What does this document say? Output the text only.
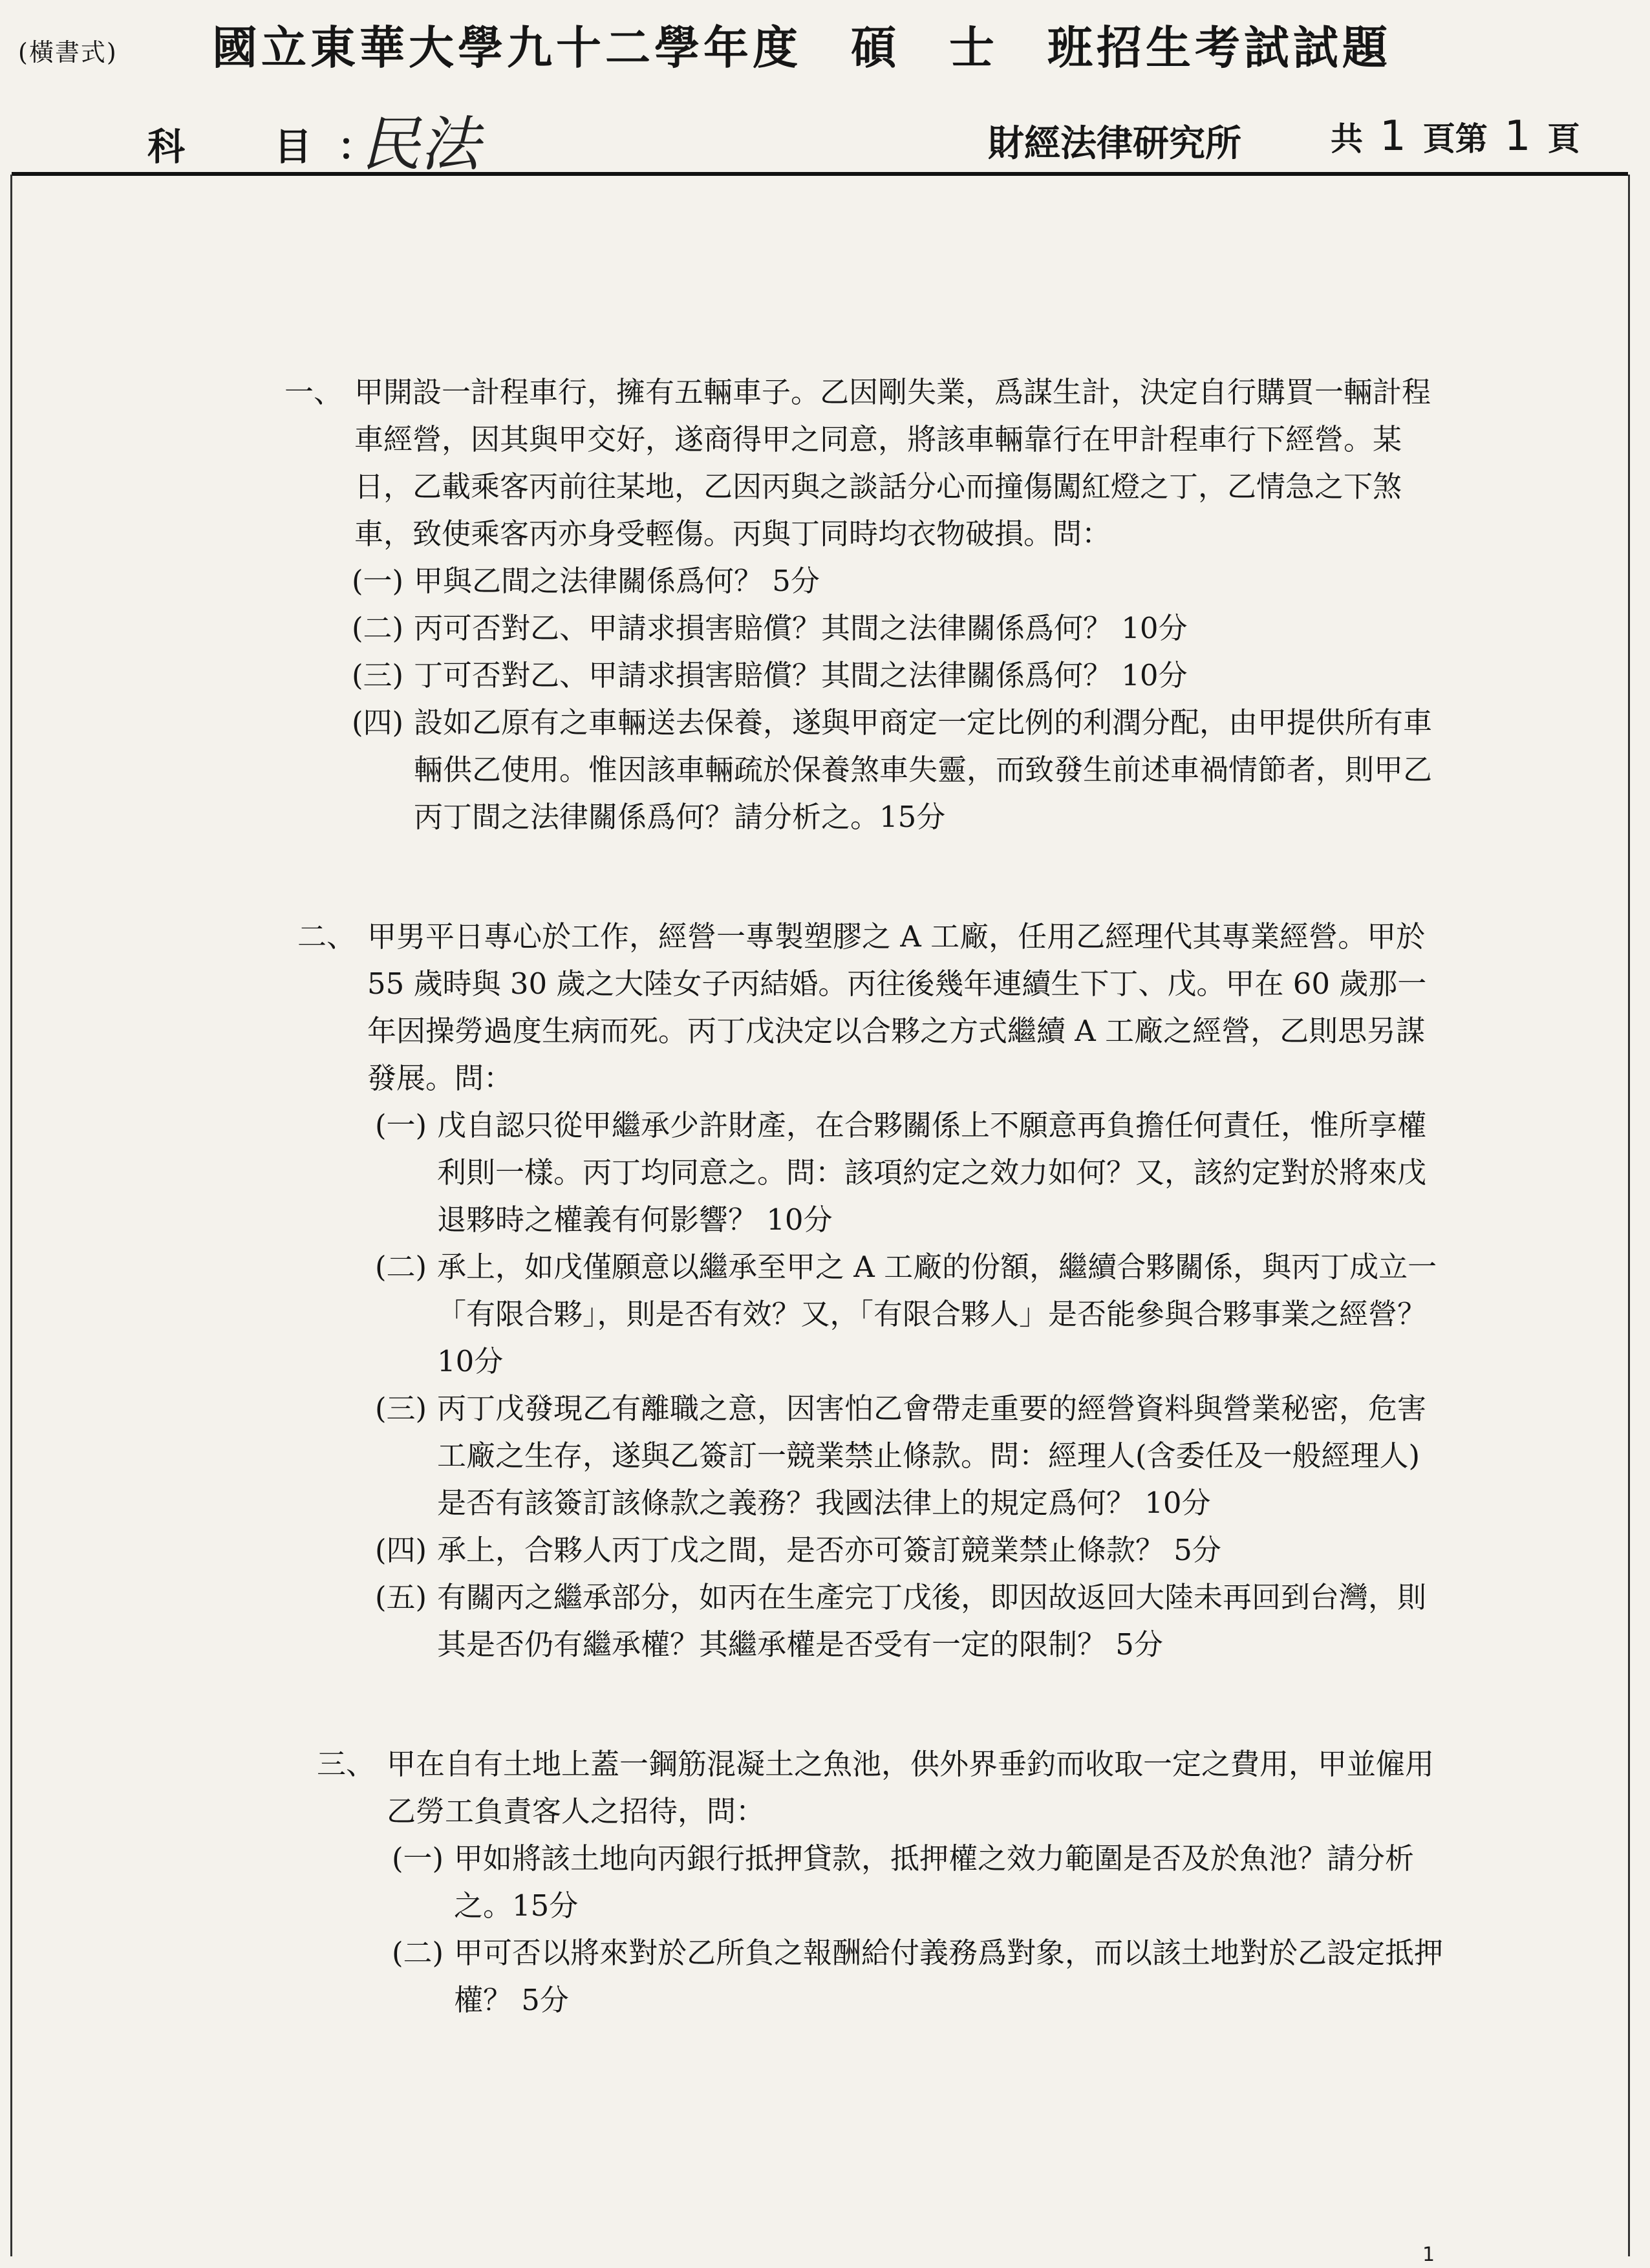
(橫書式) 國立東華大學九十二學年度　碩　士　班招生考試試題
科　目：
民法	財經法律研究所	共 1 頁第 1 頁

一、 甲開設一計程車行，擁有五輛車子。乙因剛失業，爲謀生計，決定自行購買一輛計程車經營，因其與甲交好，遂商得甲之同意，將該車輛靠行在甲計程車行下經營。某日，乙載乘客丙前往某地，乙因丙與之談話分心而撞傷闖紅燈之丁，乙情急之下煞車，致使乘客丙亦身受輕傷。丙與丁同時均衣物破損。問：

(一) 甲與乙間之法律關係爲何？ 5分

(二) 丙可否對乙、甲請求損害賠償？其間之法律關係爲何？ 10分

(三) 丁可否對乙、甲請求損害賠償？其間之法律關係爲何？ 10分

(四) 設如乙原有之車輛送去保養，遂與甲商定一定比例的利潤分配，由甲提供所有車輛供乙使用。惟因該車輛疏於保養煞車失靈，而致發生前述車禍情節者，則甲乙丙丁間之法律關係爲何？請分析之。15分

二、 甲男平日專心於工作，經營一專製塑膠之 A 工廠，任用乙經理代其專業經營。甲於 55 歲時與 30 歲之大陸女子丙結婚。丙往後幾年連續生下丁、戊。甲在 60 歲那一年因操勞過度生病而死。丙丁戊決定以合夥之方式繼續 A 工廠之經營，乙則思另謀發展。問：

(一) 戊自認只從甲繼承少許財產，在合夥關係上不願意再負擔任何責任，惟所享權利則一樣。丙丁均同意之。問：該項約定之效力如何？又，該約定對於將來戊退夥時之權義有何影響？ 10分

(二) 承上，如戊僅願意以繼承至甲之 A 工廠的份額，繼續合夥關係，與丙丁成立一「有限合夥」，則是否有效？又，「有限合夥人」是否能參與合夥事業之經營？ 10分

(三) 丙丁戊發現乙有離職之意，因害怕乙會帶走重要的經營資料與營業秘密，危害工廠之生存，遂與乙簽訂一競業禁止條款。問：經理人(含委任及一般經理人)是否有該簽訂該條款之義務？我國法律上的規定爲何？ 10分

(四) 承上，合夥人丙丁戊之間，是否亦可簽訂競業禁止條款？ 5分

(五) 有關丙之繼承部分，如丙在生產完丁戊後，即因故返回大陸未再回到台灣，則其是否仍有繼承權？其繼承權是否受有一定的限制？ 5分

三、 甲在自有土地上蓋一鋼筋混凝土之魚池，供外界垂釣而收取一定之費用，甲並僱用乙勞工負責客人之招待，問：

(一) 甲如將該土地向丙銀行抵押貸款，抵押權之效力範圍是否及於魚池？請分析之。15分

(二) 甲可否以將來對於乙所負之報酬給付義務爲對象，而以該土地對於乙設定抵押權？ 5分

1
